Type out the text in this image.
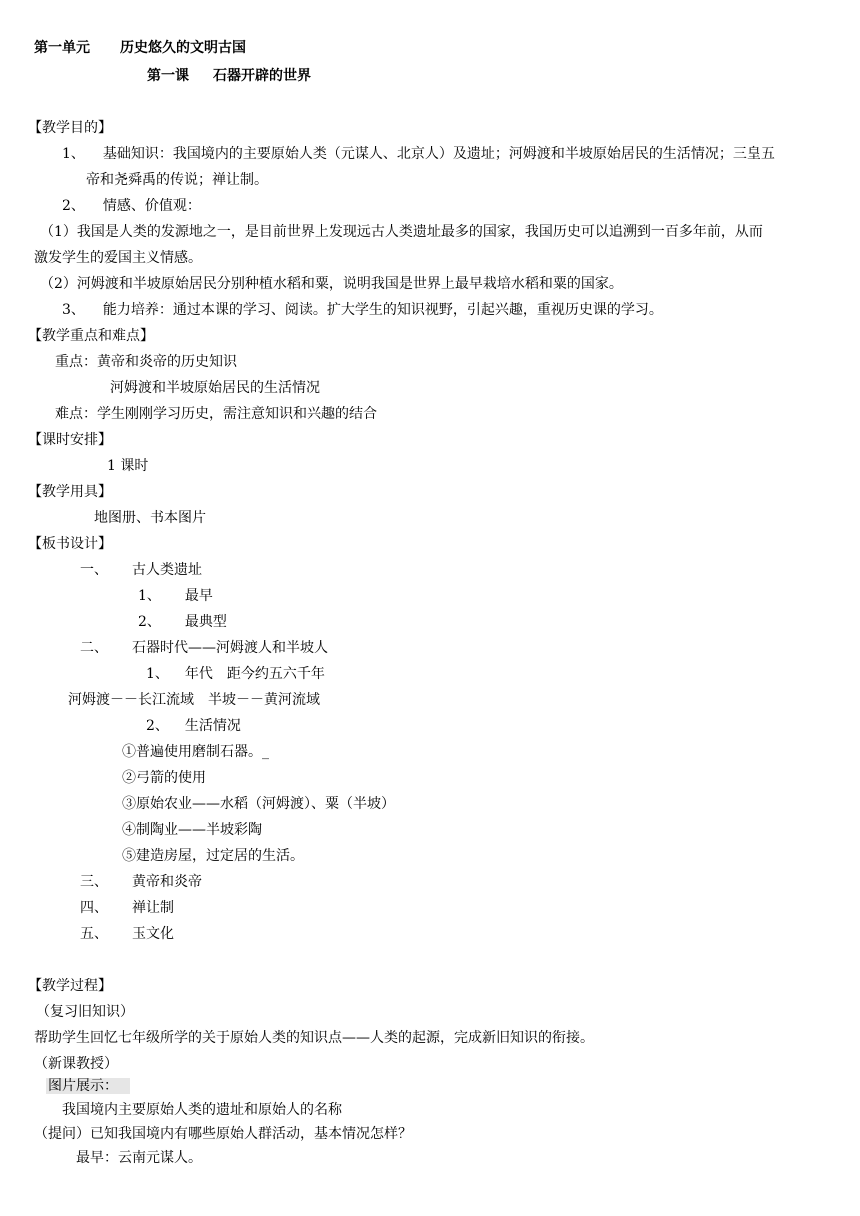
第一单元 历史悠久的文明古国
第一课 石器开辟的世界
【教学目的】
1、 基础知识：我国境内的主要原始人类（元谋人、北京人）及遗址；河姆渡和半坡原始居民的生活情况；三皇五
帝和尧舜禹的传说；禅让制。
2、 情感、价值观：
（1）我国是人类的发源地之一，是目前世界上发现远古人类遗址最多的国家，我国历史可以追溯到一百多年前，从而
激发学生的爱国主义情感。
（2）河姆渡和半坡原始居民分别种植水稻和粟，说明我国是世界上最早栽培水稻和粟的国家。
3、 能力培养：通过本课的学习、阅读。扩大学生的知识视野，引起兴趣，重视历史课的学习。
【教学重点和难点】
重点：黄帝和炎帝的历史知识
河姆渡和半坡原始居民的生活情况
难点：学生刚刚学习历史，需注意知识和兴趣的结合
【课时安排】
1 课时
【教学用具】
地图册、书本图片
【板书设计】
一、 古人类遗址
1、 最早
2、 最典型
二、 石器时代——河姆渡人和半坡人
1、 年代 距今约五六千年
河姆渡－－长江流域　半坡－－黄河流域
2、 生活情况
①普遍使用磨制石器。_
②弓箭的使用
③原始农业——水稻（河姆渡）、粟（半坡）
④制陶业——半坡彩陶
⑤建造房屋，过定居的生活。
三、 黄帝和炎帝
四、 禅让制
五、 玉文化
【教学过程】
（复习旧知识）
帮助学生回忆七年级所学的关于原始人类的知识点——人类的起源，完成新旧知识的衔接。
（新课教授）
图片展示：
我国境内主要原始人类的遗址和原始人的名称
（提问）已知我国境内有哪些原始人群活动，基本情况怎样？
最早：云南元谋人。
